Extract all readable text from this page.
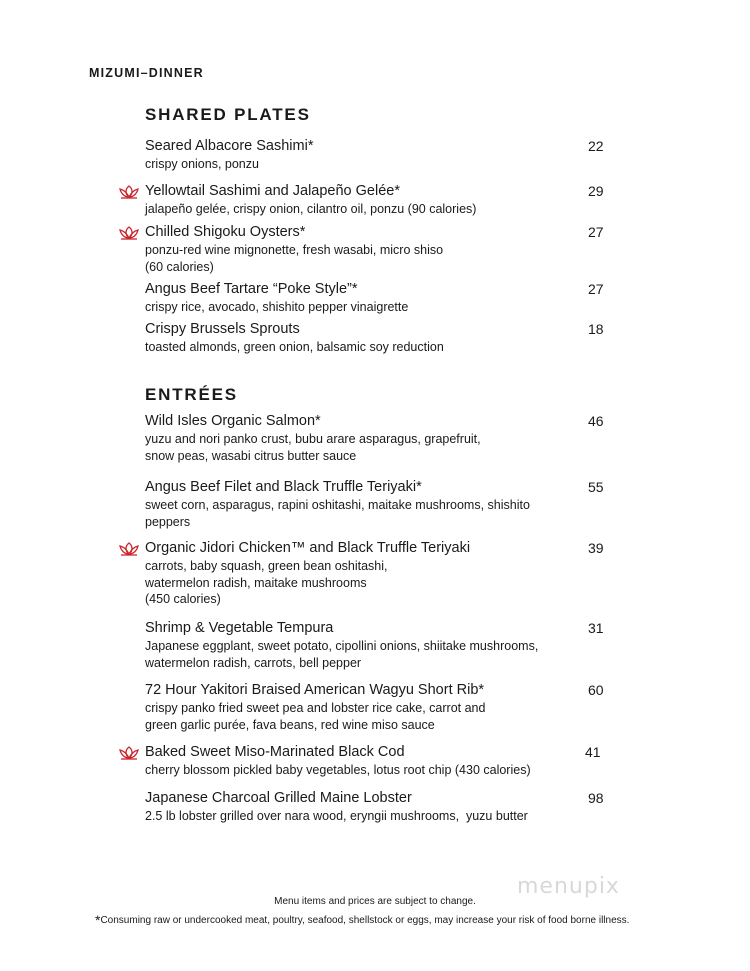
MIZUMI–DINNER
SHARED PLATES
Seared Albacore Sashimi*
crispy onions, ponzu
22
Yellowtail Sashimi and Jalapeño Gelée*
jalapeño gelée, crispy onion, cilantro oil, ponzu (90 calories)
29
Chilled Shigoku Oysters*
ponzu-red wine mignonette, fresh wasabi, micro shiso
(60 calories)
27
Angus Beef Tartare “Poke Style”*
crispy rice, avocado, shishito pepper vinaigrette
27
Crispy Brussels Sprouts
toasted almonds, green onion, balsamic soy reduction
18
ENTRÉES
Wild Isles Organic Salmon*
yuzu and nori panko crust, bubu arare asparagus, grapefruit,
snow peas, wasabi citrus butter sauce
46
Angus Beef Filet and Black Truffle Teriyaki*
sweet corn, asparagus, rapini oshitashi, maitake mushrooms, shishito
peppers
55
Organic Jidori Chicken™ and Black Truffle Teriyaki
carrots, baby squash, green bean oshitashi,
watermelon radish, maitake mushrooms
(450 calories)
39
Shrimp & Vegetable Tempura
Japanese eggplant, sweet potato, cipollini onions, shiitake mushrooms,
watermelon radish, carrots, bell pepper
31
72 Hour Yakitori Braised American Wagyu Short Rib*
crispy panko fried sweet pea and lobster rice cake, carrot and
green garlic purée, fava beans, red wine miso sauce
60
Baked Sweet Miso-Marinated Black Cod
cherry blossom pickled baby vegetables, lotus root chip (430 calories)
41
Japanese Charcoal Grilled Maine Lobster
2.5 lb lobster grilled over nara wood, eryngii mushrooms,  yuzu butter
98
menupix
Menu items and prices are subject to change.
*Consuming raw or undercooked meat, poultry, seafood, shellstock or eggs, may increase your risk of food borne illness.
